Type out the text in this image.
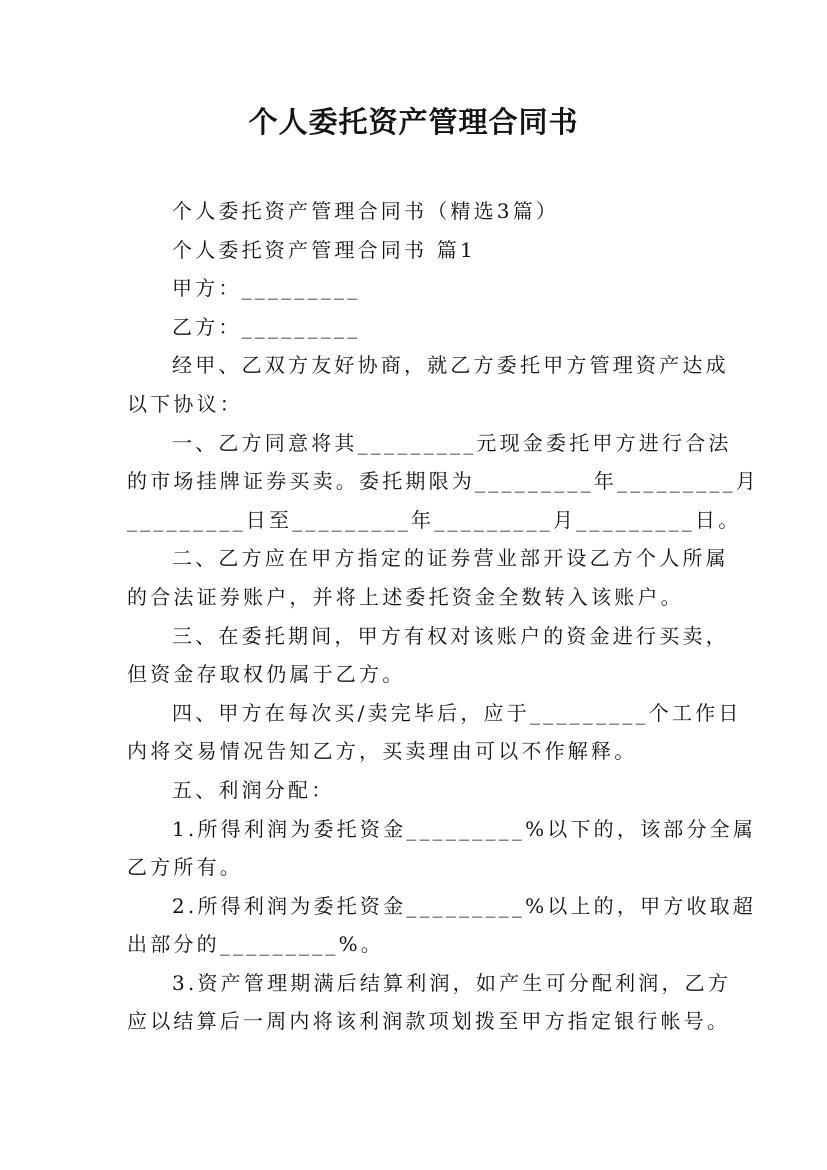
个人委托资产管理合同书
个人委托资产管理合同书（精选3篇）
个人委托资产管理合同书 篇1
甲方：_________
乙方：_________
经甲、乙双方友好协商，就乙方委托甲方管理资产达成
以下协议：
一、乙方同意将其_________元现金委托甲方进行合法
的市场挂牌证券买卖。委托期限为_________年_________月
_________日至_________年_________月_________日。
二、乙方应在甲方指定的证券营业部开设乙方个人所属
的合法证券账户，并将上述委托资金全数转入该账户。
三、在委托期间，甲方有权对该账户的资金进行买卖，
但资金存取权仍属于乙方。
四、甲方在每次买/卖完毕后，应于_________个工作日
内将交易情况告知乙方，买卖理由可以不作解释。
五、利润分配：
1.所得利润为委托资金_________%以下的，该部分全属
乙方所有。
2.所得利润为委托资金_________%以上的，甲方收取超
出部分的_________%。
3.资产管理期满后结算利润，如产生可分配利润，乙方
应以结算后一周内将该利润款项划拨至甲方指定银行帐号。
